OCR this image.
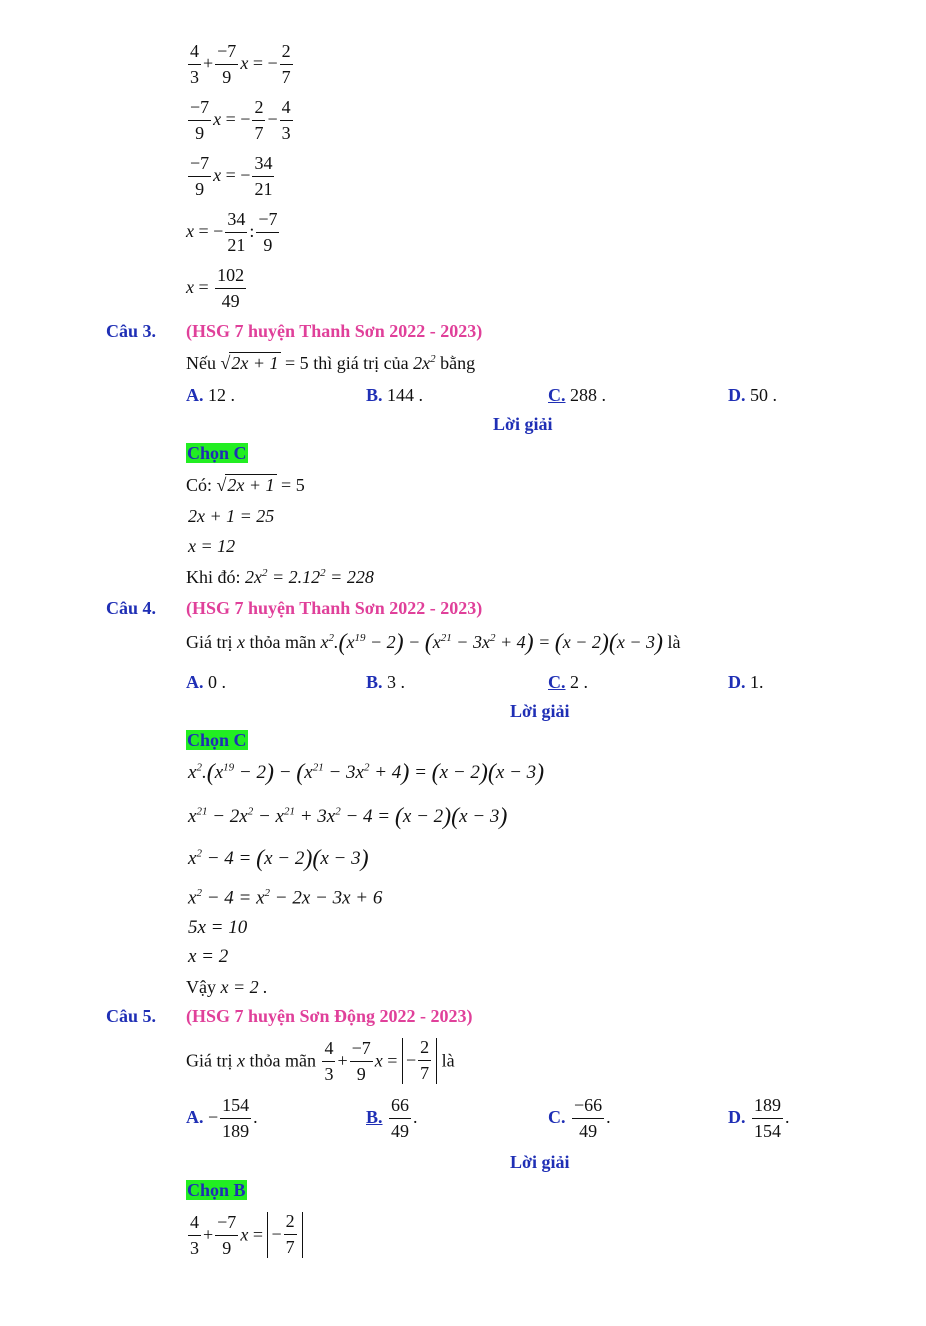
$\frac{4}{3} + \frac{-7}{9}$ x = − $\frac{2}{7}$
$\frac{-7}{9}$ x = − $\frac{2}{7} - \frac{4}{3}$
$\frac{-7}{9}$ x = − $\frac{34}{21}$
x = − $\frac{34}{21}$ : $\frac{-7}{9}$
$x = \frac{102}{49}$
Câu 3. (HSG 7 huyện Thanh Sơn 2022 - 2023)
Nếu √2x + 1 = 5 thì giá trị của $2x^2$ bằng
A. 12 .	B. 144 .	C. 288 .	D. 50 .
Lời giải
Chọn C
Có: √2x + 1 = 5
2x + 1 = 25
x = 12
Khi đó: $2x^2 = 2.12^2 = 228$
Câu 4. (HSG 7 huyện Thanh Sơn 2022 - 2023)
Giá trị x thỏa mãn $x^2.(x^{19} - 2) - (x^{21} - 3x^2 + 4) = (x - 2)(x - 3)$ là
A. 0 .	B. 3 .	C. 2 .	D. 1.
Lời giải
Chọn C
$x^2.(x^{19} - 2) - (x^{21} - 3x^2 + 4) = (x - 2)(x - 3)$
$x^{21} - 2x^2 - x^{21} + 3x^2 - 4 = (x - 2)(x - 3)$
$x^2 - 4 = (x - 2)(x - 3)$
$x^2 - 4 = x^2 - 2x - 3x + 6$
5x = 10
x = 2
Vậy x = 2 .
Câu 5. (HSG 7 huyện Sơn Động 2022 - 2023)
Giá trị x thỏa mãn $\frac{4}{3} + \frac{-7}{9}$ x = − $\frac{2}{7}$ là
A. − $\frac{154}{189}$ .	B. $\frac{66}{49}$ .	C. $\frac{-66}{49}$ .	D. $\frac{189}{154}$ .
Lời giải
Chọn B
$\frac{4}{3} + \frac{-7}{9}$ x = − $\frac{2}{7}$
